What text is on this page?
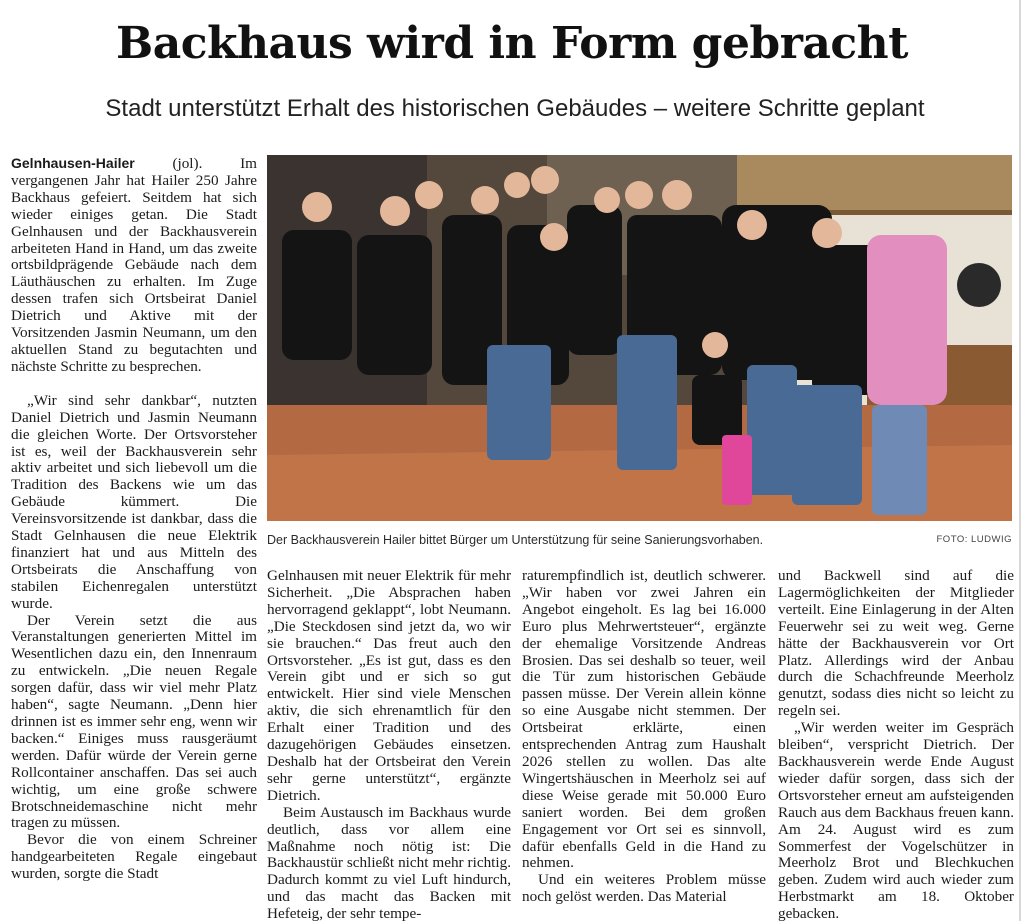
Backhaus wird in Form gebracht
Stadt unterstützt Erhalt des historischen Gebäudes – weitere Schritte geplant

Gelnhausen-Hailer (jol). Im vergangenen Jahr hat Hailer 250 Jahre Backhaus gefeiert. Seitdem hat sich wieder einiges getan. Die Stadt Gelnhausen und der Backhausverein arbeiteten Hand in Hand, um das zweite ortsbildprägende Gebäude nach dem Läuthäuschen zu erhalten. Im Zuge dessen trafen sich Ortsbeirat Daniel Dietrich und Aktive mit der Vorsitzenden Jasmin Neumann, um den aktuellen Stand zu begutachten und nächste Schritte zu besprechen.

„Wir sind sehr dankbar“, nutzten Daniel Dietrich und Jasmin Neumann die gleichen Worte. Der Ortsvorsteher ist es, weil der Backhausverein sehr aktiv arbeitet und sich liebevoll um die Tradition des Backens wie um das Gebäude kümmert. Die Vereinsvorsitzende ist dankbar, dass die Stadt Gelnhausen die neue Elektrik finanziert hat und aus Mitteln des Ortsbeirats die Anschaffung von stabilen Eichenregalen unterstützt wurde.

Der Verein setzt die aus Veranstaltungen generierten Mittel im Wesentlichen dazu ein, den Innenraum zu entwickeln. „Die neuen Regale sorgen dafür, dass wir viel mehr Platz haben“, sagte Neumann. „Denn hier drinnen ist es immer sehr eng, wenn wir backen.“ Einiges muss rausgeräumt werden. Dafür würde der Verein gerne Rollcontainer anschaffen. Das sei auch wichtig, um eine große schwere Brotschneidemaschine nicht mehr tragen zu müssen.

Bevor die von einem Schreiner handgearbeiteten Regale eingebaut wurden, sorgte die Stadt

Der Backhausverein Hailer bittet Bürger um Unterstützung für seine Sanierungsvorhaben.	FOTO: LUDWIG

Gelnhausen mit neuer Elektrik für mehr Sicherheit. „Die Absprachen haben hervorragend geklappt“, lobt Neumann. „Die Steckdosen sind jetzt da, wo wir sie brauchen.“ Das freut auch den Ortsvorsteher. „Es ist gut, dass es den Verein gibt und er sich so gut entwickelt. Hier sind viele Menschen aktiv, die sich ehrenamtlich für den Erhalt einer Tradition und des dazugehörigen Gebäudes einsetzen. Deshalb hat der Ortsbeirat den Verein sehr gerne unterstützt“, ergänzte Dietrich.

Beim Austausch im Backhaus wurde deutlich, dass vor allem eine Maßnahme noch nötig ist: Die Backhaustür schließt nicht mehr richtig. Dadurch kommt zu viel Luft hindurch, und das macht das Backen mit Hefeteig, der sehr tempe-

raturempfindlich ist, deutlich schwerer. „Wir haben vor zwei Jahren ein Angebot eingeholt. Es lag bei 16.000 Euro plus Mehrwertsteuer“, ergänzte der ehemalige Vorsitzende Andreas Brosien. Das sei deshalb so teuer, weil die Tür zum historischen Gebäude passen müsse. Der Verein allein könne so eine Ausgabe nicht stemmen. Der Ortsbeirat erklärte, einen entsprechenden Antrag zum Haushalt 2026 stellen zu wollen. Das alte Wingertshäuschen in Meerholz sei auf diese Weise gerade mit 50.000 Euro saniert worden. Bei dem großen Engagement vor Ort sei es sinnvoll, dafür ebenfalls Geld in die Hand zu nehmen.

Und ein weiteres Problem müsse noch gelöst werden. Das Material

und Backwell sind auf die Lagermöglichkeiten der Mitglieder verteilt. Eine Einlagerung in der Alten Feuerwehr sei zu weit weg. Gerne hätte der Backhausverein vor Ort Platz. Allerdings wird der Anbau durch die Schachfreunde Meerholz genutzt, sodass dies nicht so leicht zu regeln sei.

„Wir werden weiter im Gespräch bleiben“, verspricht Dietrich. Der Backhausverein werde Ende August wieder dafür sorgen, dass sich der Ortsvorsteher erneut am aufsteigenden Rauch aus dem Backhaus freuen kann. Am 24. August wird es zum Sommerfest der Vogelschützer in Meerholz Brot und Blechkuchen geben. Zudem wird auch wieder zum Herbstmarkt am 18. Oktober gebacken.
